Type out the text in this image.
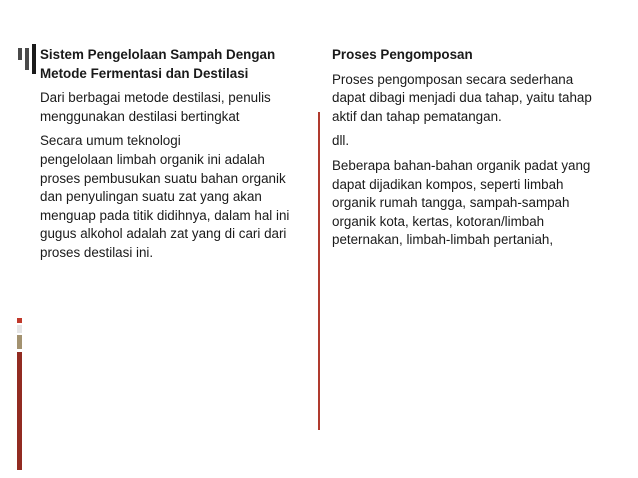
Sistem Pengelolaan Sampah Dengan Metode Fermentasi dan Destilasi

Dari berbagai metode destilasi, penulis menggunakan destilasi bertingkat

Secara umum teknologi
pengelolaan limbah organik ini adalah proses pembusukan suatu bahan organik dan penyulingan suatu zat yang akan menguap pada titik didihnya, dalam hal ini gugus alkohol adalah zat yang di cari dari proses destilasi ini.

Proses Pengomposan

Proses pengomposan secara sederhana dapat dibagi menjadi dua tahap, yaitu tahap aktif dan tahap pematangan.

dll.

Beberapa bahan-bahan organik padat yang dapat dijadikan kompos, seperti limbah organik rumah tangga, sampah-sampah organik kota, kertas, kotoran/limbah peternakan, limbah-limbah pertaniah,
